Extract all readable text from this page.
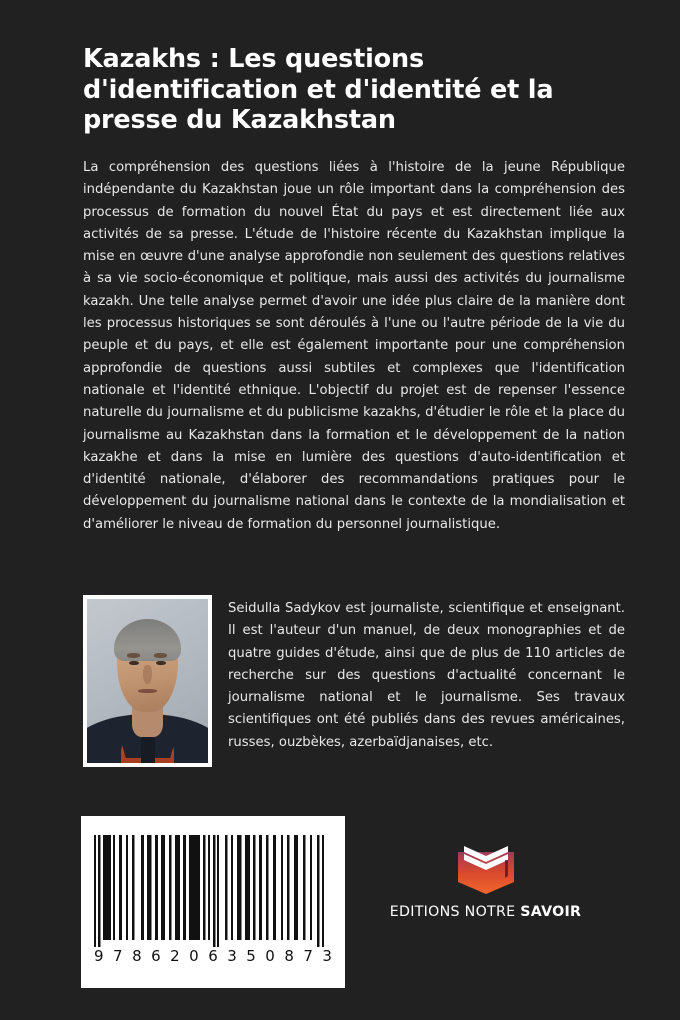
Kazakhs : Les questions d'identification et d'identité et la presse du Kazakhstan
La compréhension des questions liées à l'histoire de la jeune République indépendante du Kazakhstan joue un rôle important dans la compréhension des processus de formation du nouvel État du pays et est directement liée aux activités de sa presse. L'étude de l'histoire récente du Kazakhstan implique la mise en œuvre d'une analyse approfondie non seulement des questions relatives à sa vie socio-économique et politique, mais aussi des activités du journalisme kazakh. Une telle analyse permet d'avoir une idée plus claire de la manière dont les processus historiques se sont déroulés à l'une ou l'autre période de la vie du peuple et du pays, et elle est également importante pour une compréhension approfondie de questions aussi subtiles et complexes que l'identification nationale et l'identité ethnique. L'objectif du projet est de repenser l'essence naturelle du journalisme et du publicisme kazakhs, d'étudier le rôle et la place du journalisme au Kazakhstan dans la formation et le développement de la nation kazakhe et dans la mise en lumière des questions d'auto-identification et d'identité nationale, d'élaborer des recommandations pratiques pour le développement du journalisme national dans le contexte de la mondialisation et d'améliorer le niveau de formation du personnel journalistique.
Seidulla Sadykov est journaliste, scientifique et enseignant. Il est l'auteur d'un manuel, de deux monographies et de quatre guides d'étude, ainsi que de plus de 110 articles de recherche sur des questions d'actualité concernant le journalisme national et le journalisme. Ses travaux scientifiques ont été publiés dans des revues américaines, russes, ouzbèkes, azerbaïdjanaises, etc.
9 7 8 6 2 0 6 3 5 0 8 7 3
EDITIONS NOTRE SAVOIR
